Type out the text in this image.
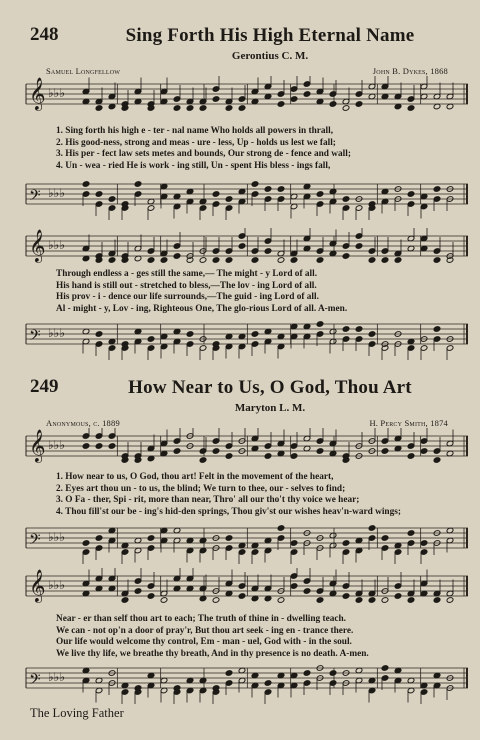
248	Sing Forth His High Eternal Name
Gerontius C. M.
Samuel Longfellow	John B. Dykes, 1868
𝄞 ♭♭♭
1. Sing forth his high e - ter - nal name Who holds all powers in thrall,
2. His good-ness, strong and meas - ure - less, Up - holds us lest we fall;
3. His per - fect law sets metes and bounds, Our strong de - fence and wall;
4. Un - wea - ried He is work - ing still, Un - spent His bless - ings fall,
𝄢 ♭♭♭
𝄞 ♭♭♭
Through endless a - ges still the same,— The might - y Lord of all.
His hand is still out - stretched to bless,—The lov - ing Lord of all.
His prov - i - dence our life surrounds,—The guid - ing Lord of all.
Al - might - y, Lov - ing, Righteous One, The glo-rious Lord of all. A-men.
𝄢 ♭♭♭
249	How Near to Us, O God, Thou Art
Maryton L. M.
Anonymous, c. 1889	H. Percy Smith, 1874
𝄞 ♭♭♭
1. How near to us, O God, thou art! Felt in the movement of the heart,
2. Eyes art thou un - to us, the blind; We turn to thee, our - selves to find;
3. O Fa - ther, Spi - rit, more than near, Thro' all our tho't thy voice we hear;
4. Thou fill'st our be - ing's hid-den springs, Thou giv'st our wishes heav'n-ward wings;
𝄢 ♭♭♭
𝄞 ♭♭♭
Near - er than self thou art to each; The truth of thine in - dwelling teach.
We can - not op'n a door of pray'r, But thou art seek - ing en - trance there.
Our life would welcome thy control, Em - man - uel, God with - in the soul.
We live thy life, we breathe thy breath, And in thy presence is no death. A-men.
𝄢 ♭♭♭
The Loving Father
